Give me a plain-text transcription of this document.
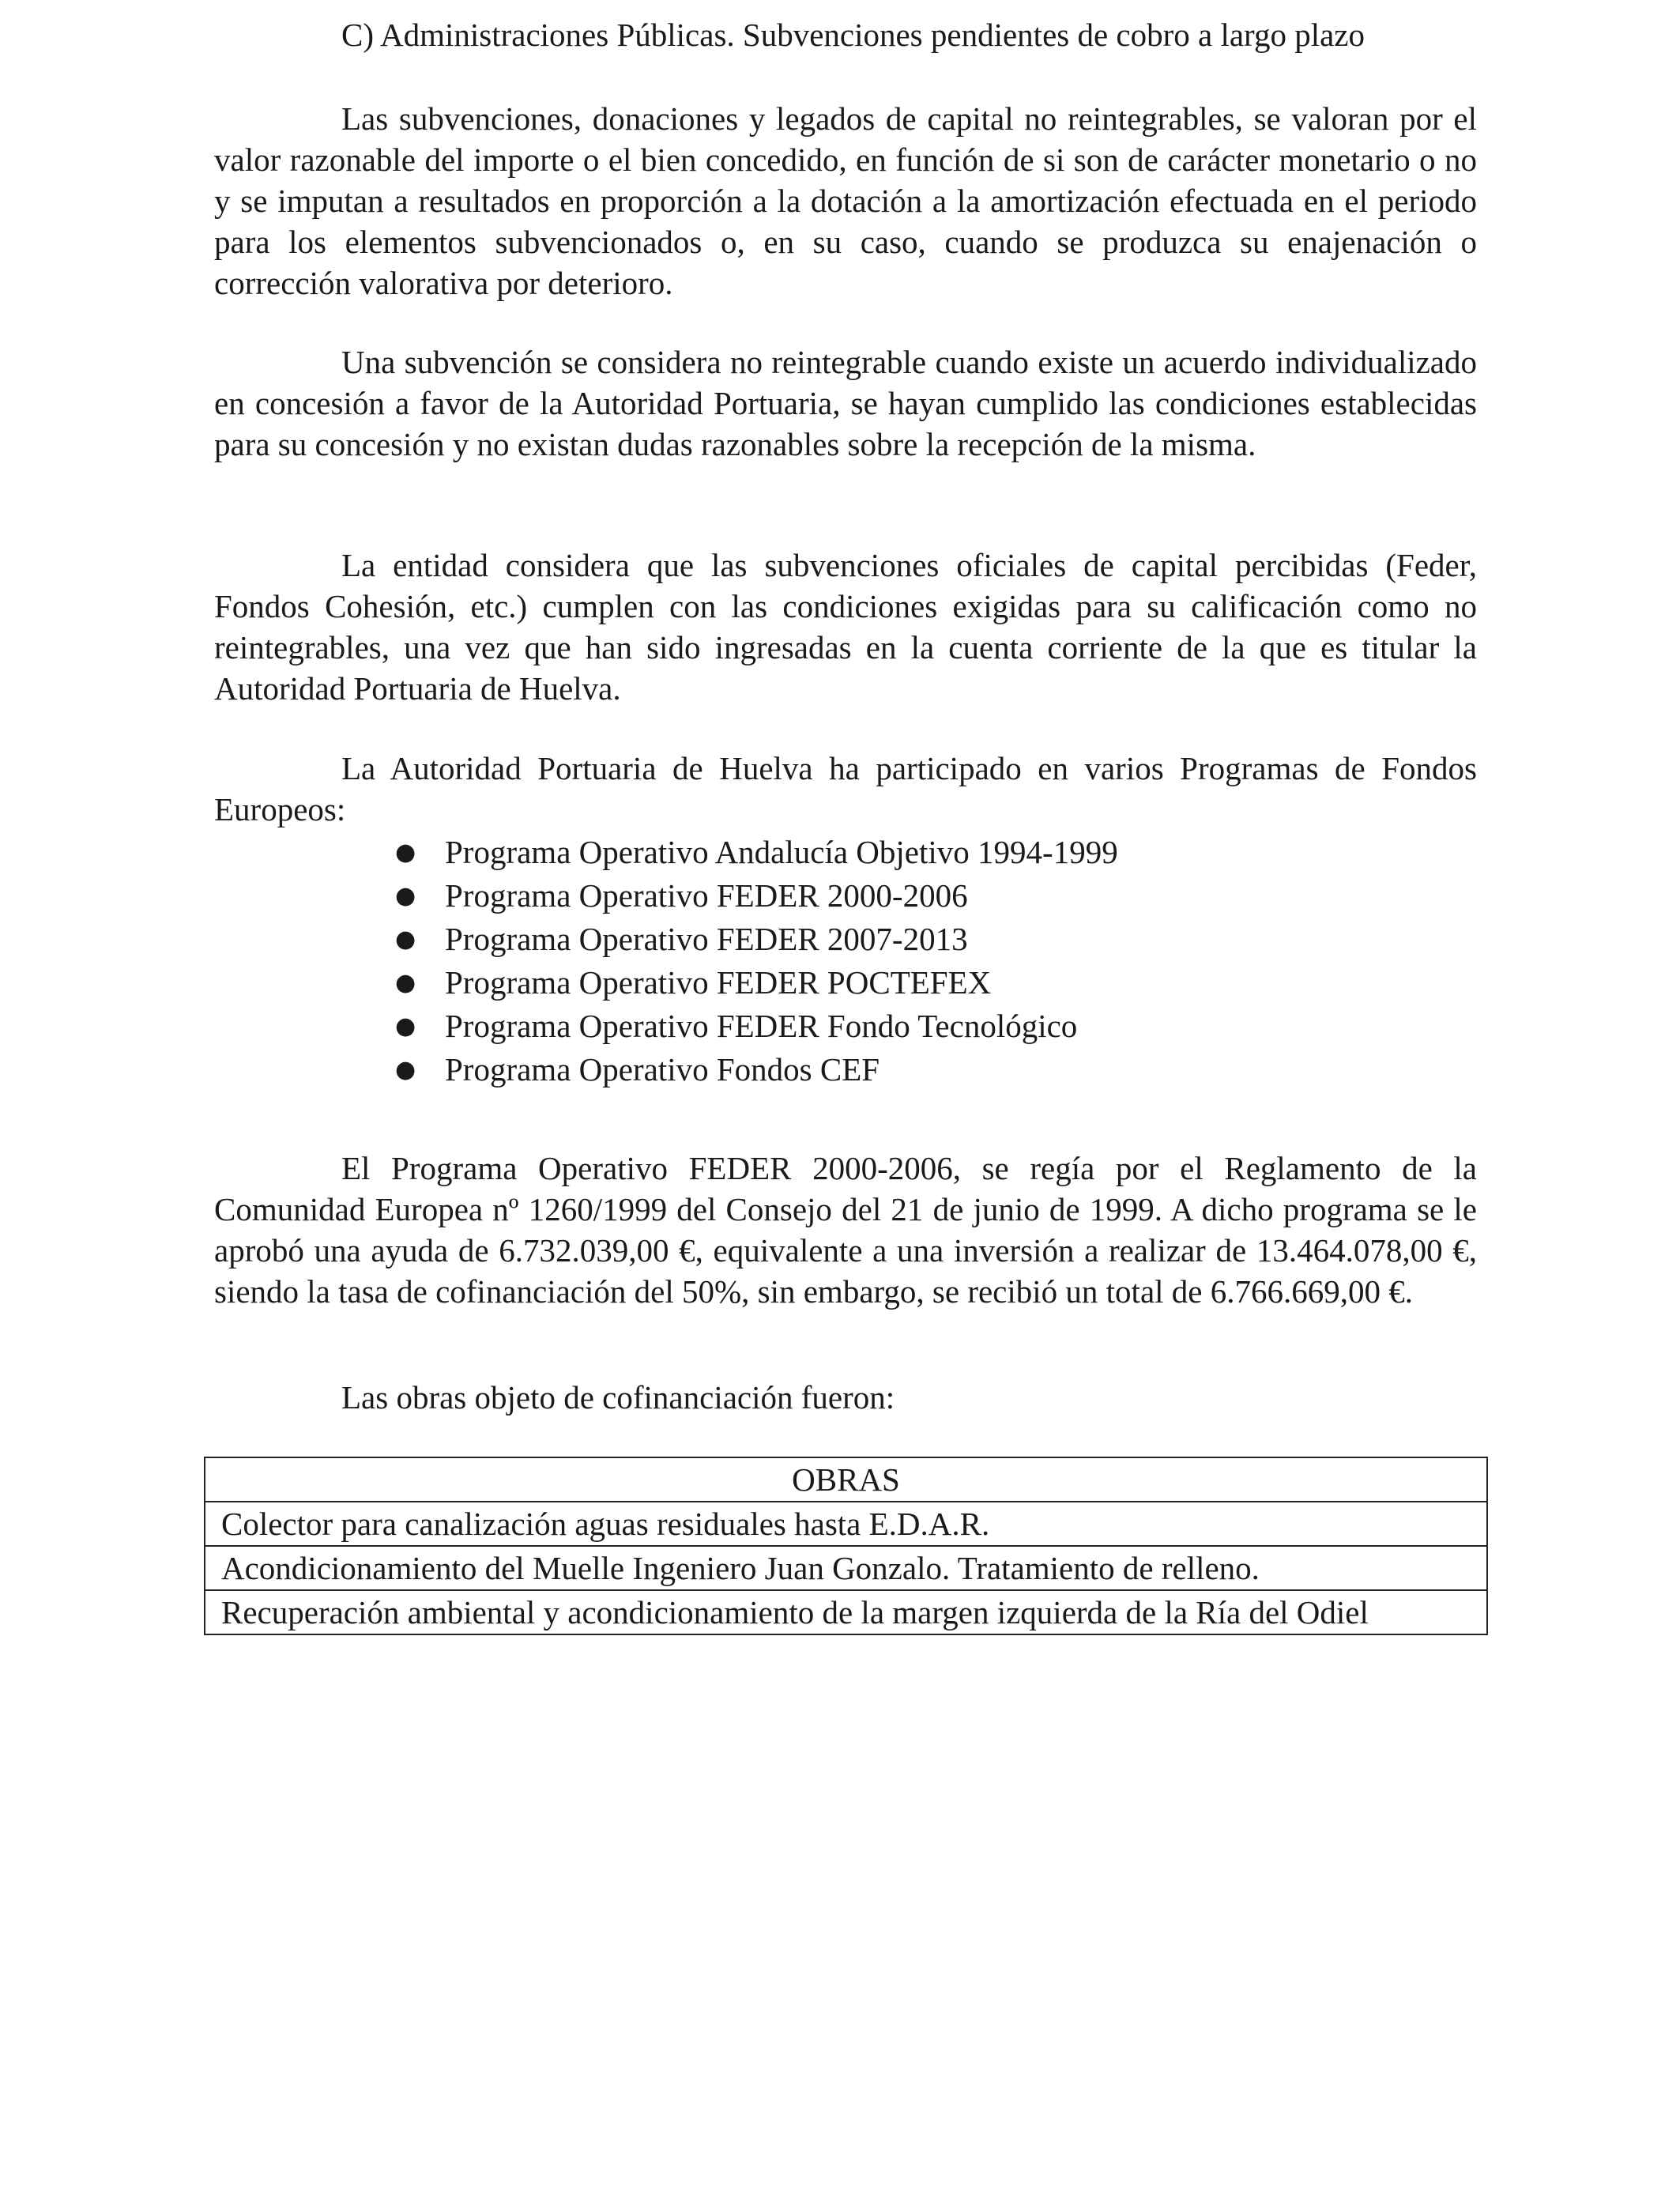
C) Administraciones Públicas. Subvenciones pendientes de cobro a largo plazo

Las subvenciones, donaciones y legados de capital no reintegrables, se valoran por el valor razonable del importe o el bien concedido, en función de si son de carácter monetario o no y se imputan a resultados en proporción a la dotación a la amortización efectuada en el periodo para los elementos subvencionados o, en su caso, cuando se produzca su enajenación o corrección valorativa por deterioro.

Una subvención se considera no reintegrable cuando existe un acuerdo individualizado en concesión a favor de la Autoridad Portuaria, se hayan cumplido las condiciones establecidas para su concesión y no existan dudas razonables sobre la recepción de la misma.

La entidad considera que las subvenciones oficiales de capital percibidas (Feder, Fondos Cohesión, etc.) cumplen con las condiciones exigidas para su calificación como no reintegrables, una vez que han sido ingresadas en la cuenta corriente de la que es titular la Autoridad Portuaria de Huelva.

La Autoridad Portuaria de Huelva ha participado en varios Programas de Fondos Europeos:

● Programa Operativo Andalucía Objetivo 1994-1999
● Programa Operativo FEDER 2000-2006
● Programa Operativo FEDER 2007-2013
● Programa Operativo FEDER POCTEFEX
● Programa Operativo FEDER Fondo Tecnológico
● Programa Operativo Fondos CEF

El Programa Operativo FEDER 2000-2006, se regía por el Reglamento de la Comunidad Europea nº 1260/1999 del Consejo del 21 de junio de 1999. A dicho programa se le aprobó una ayuda de 6.732.039,00 €, equivalente a una inversión a realizar de 13.464.078,00 €, siendo la tasa de cofinanciación del 50%, sin embargo, se recibió un total de 6.766.669,00 €.

Las obras objeto de cofinanciación fueron:
OBRAS
Colector para canalización aguas residuales hasta E.D.A.R.
Acondicionamiento del Muelle Ingeniero Juan Gonzalo. Tratamiento de relleno.
Recuperación ambiental y acondicionamiento de la margen izquierda de la Ría del Odiel
